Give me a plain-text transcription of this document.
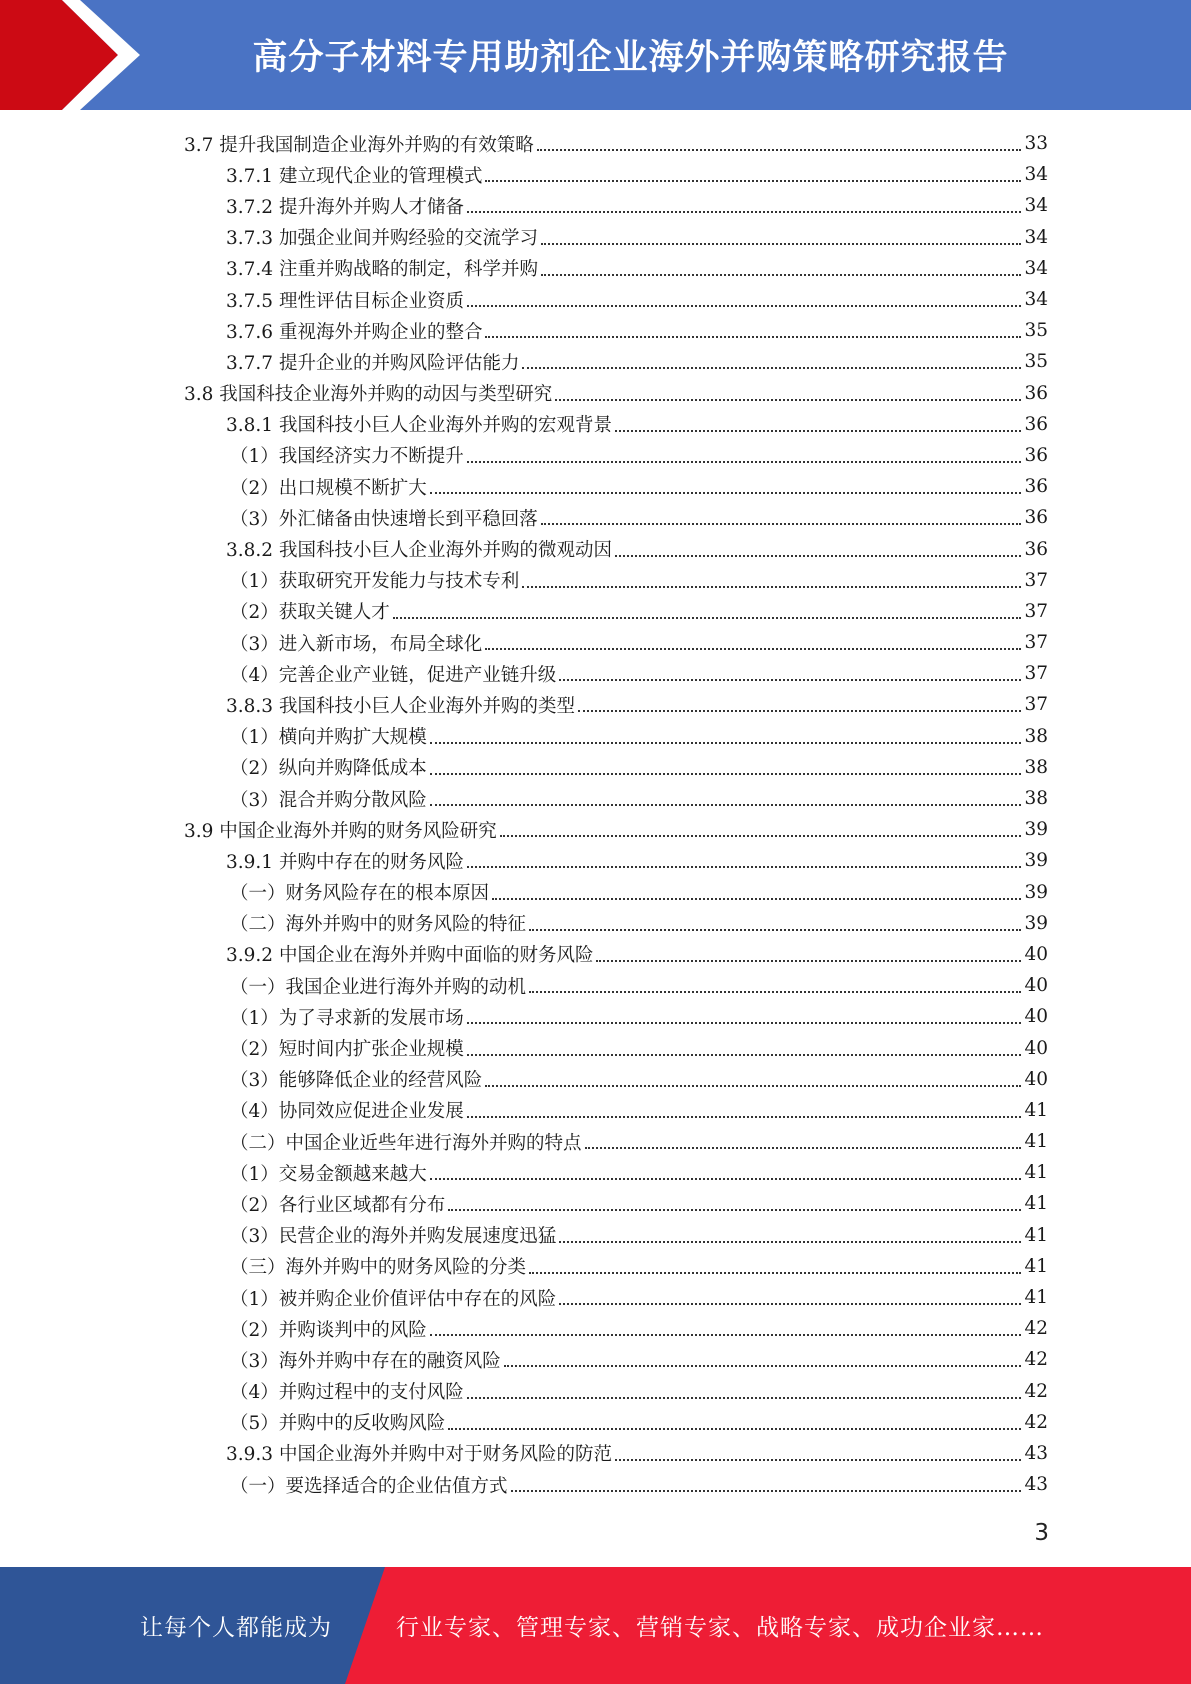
高分子材料专用助剂企业海外并购策略研究报告
3.7 提升我国制造企业海外并购的有效策略	33
3.7.1 建立现代企业的管理模式	34
3.7.2 提升海外并购人才储备	34
3.7.3 加强企业间并购经验的交流学习	34
3.7.4 注重并购战略的制定，科学并购	34
3.7.5 理性评估目标企业资质	34
3.7.6 重视海外并购企业的整合	35
3.7.7 提升企业的并购风险评估能力	35
3.8 我国科技企业海外并购的动因与类型研究	36
3.8.1 我国科技小巨人企业海外并购的宏观背景	36
（1）我国经济实力不断提升	36
（2）出口规模不断扩大	36
（3）外汇储备由快速增长到平稳回落	36
3.8.2 我国科技小巨人企业海外并购的微观动因	36
（1）获取研究开发能力与技术专利	37
（2）获取关键人才	37
（3）进入新市场，布局全球化	37
（4）完善企业产业链，促进产业链升级	37
3.8.3 我国科技小巨人企业海外并购的类型	37
（1）横向并购扩大规模	38
（2）纵向并购降低成本	38
（3）混合并购分散风险	38
3.9 中国企业海外并购的财务风险研究	39
3.9.1 并购中存在的财务风险	39
（一）财务风险存在的根本原因	39
（二）海外并购中的财务风险的特征	39
3.9.2 中国企业在海外并购中面临的财务风险	40
（一）我国企业进行海外并购的动机	40
（1）为了寻求新的发展市场	40
（2）短时间内扩张企业规模	40
（3）能够降低企业的经营风险	40
（4）协同效应促进企业发展	41
（二）中国企业近些年进行海外并购的特点	41
（1）交易金额越来越大	41
（2）各行业区域都有分布	41
（3）民营企业的海外并购发展速度迅猛	41
（三）海外并购中的财务风险的分类	41
（1）被并购企业价值评估中存在的风险	41
（2）并购谈判中的风险	42
（3）海外并购中存在的融资风险	42
（4）并购过程中的支付风险	42
（5）并购中的反收购风险	42
3.9.3 中国企业海外并购中对于财务风险的防范	43
（一）要选择适合的企业估值方式	43
3
让每个人都能成为	行业专家、管理专家、营销专家、战略专家、成功企业家……
